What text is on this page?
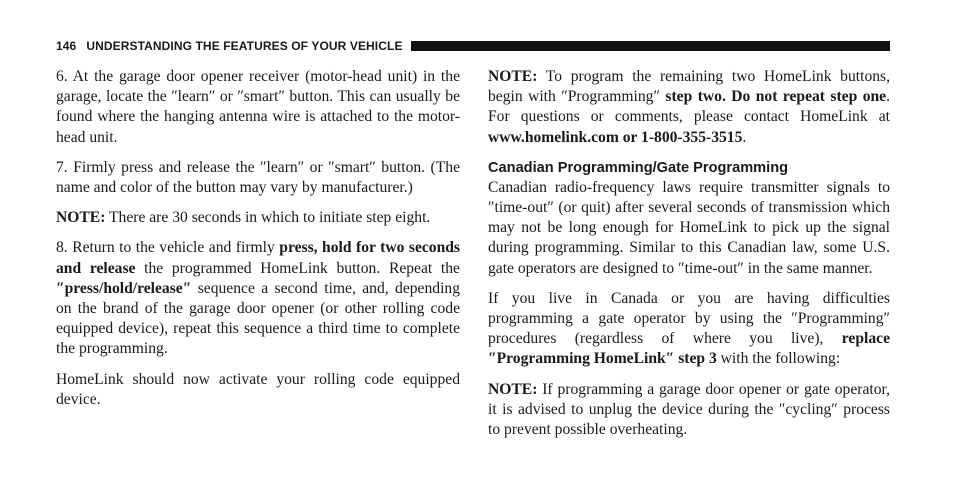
146 UNDERSTANDING THE FEATURES OF YOUR VEHICLE

6. At the garage door opener receiver (motor-head unit) in the garage, locate the ″learn″ or ″smart″ button. This can usually be found where the hanging antenna wire is attached to the motor-head unit.

7. Firmly press and release the ″learn″ or ″smart″ button. (The name and color of the button may vary by manufacturer.)

NOTE: There are 30 seconds in which to initiate step eight.

8. Return to the vehicle and firmly press, hold for two seconds and release the programmed HomeLink button. Repeat the ″press/hold/release″ sequence a second time, and, depending on the brand of the garage door opener (or other rolling code equipped device), repeat this sequence a third time to complete the programming.

HomeLink should now activate your rolling code equipped device.

NOTE: To program the remaining two HomeLink buttons, begin with ″Programming″ step two. Do not repeat step one. For questions or comments, please contact HomeLink at www.homelink.com or 1-800-355-3515.

Canadian Programming/Gate Programming

Canadian radio-frequency laws require transmitter signals to ″time-out″ (or quit) after several seconds of transmission which may not be long enough for HomeLink to pick up the signal during programming. Similar to this Canadian law, some U.S. gate operators are designed to ″time-out″ in the same manner.

If you live in Canada or you are having difficulties programming a gate operator by using the ″Programming″ procedures (regardless of where you live), replace ″Programming HomeLink″ step 3 with the following:

NOTE: If programming a garage door opener or gate operator, it is advised to unplug the device during the ″cycling″ process to prevent possible overheating.
